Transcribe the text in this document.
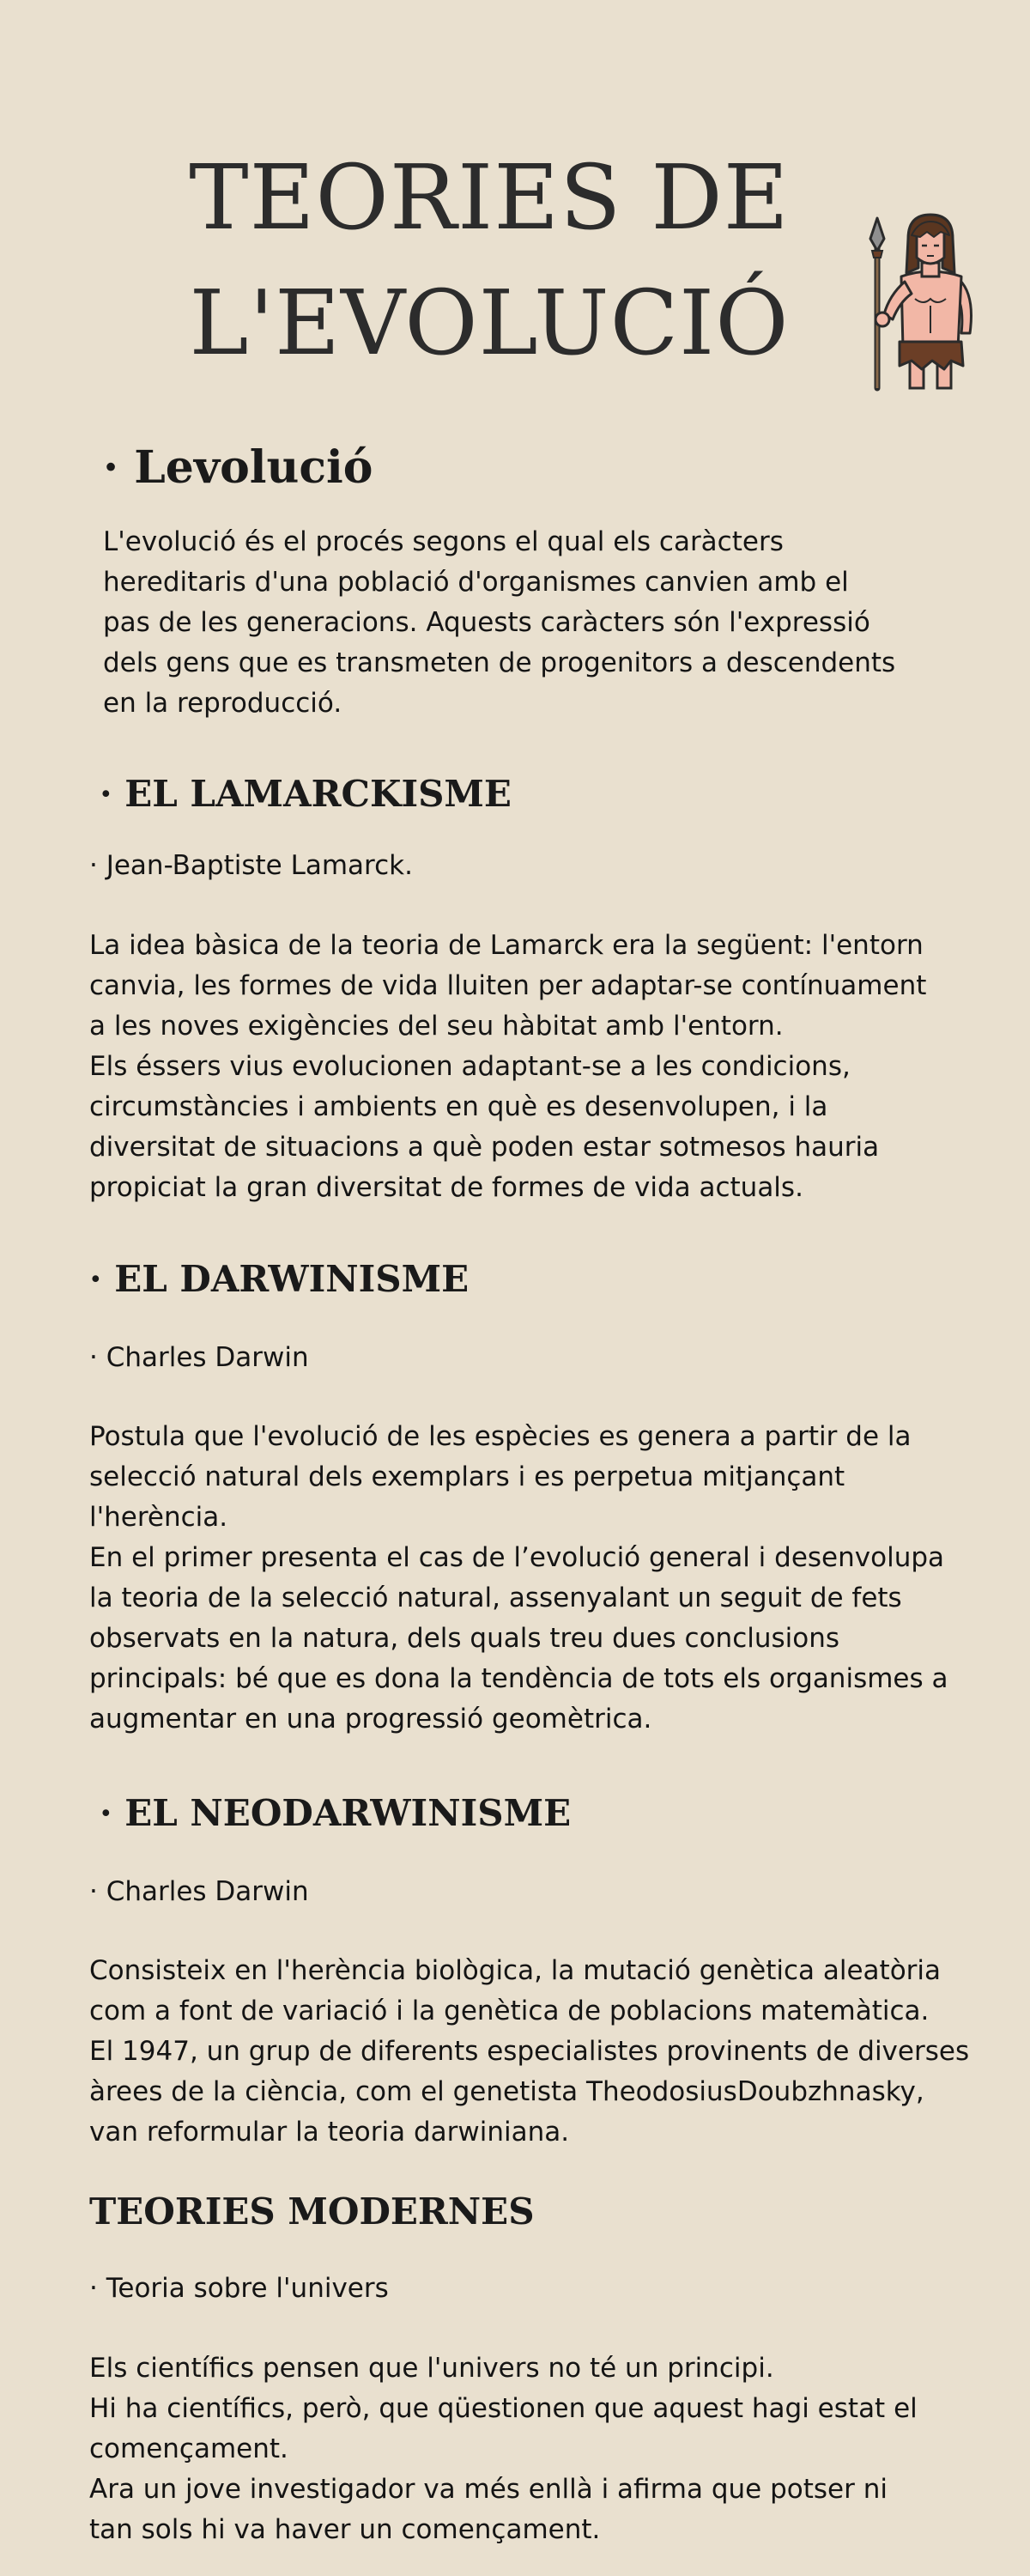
TEORIES DE
L'EVOLUCIÓ
· Levolució

L'evolució és el procés segons el qual els caràcters
hereditaris d'una població d'organismes canvien amb el
pas de les generacions. Aquests caràcters són l'expressió
dels gens que es transmeten de progenitors a descendents
en la reproducció.

· EL LAMARCKISME
· Jean-Baptiste Lamarck.

La idea bàsica de la teoria de Lamarck era la següent: l'entorn
canvia, les formes de vida lluiten per adaptar-se contínuament
a les noves exigències del seu hàbitat amb l'entorn.
Els éssers vius evolucionen adaptant-se a les condicions,
circumstàncies i ambients en què es desenvolupen, i la
diversitat de situacions a què poden estar sotmesos hauria
propiciat la gran diversitat de formes de vida actuals.

· EL DARWINISME
· Charles Darwin

Postula que l'evolució de les espècies es genera a partir de la
selecció natural dels exemplars i es perpetua mitjançant
l'herència.
En el primer presenta el cas de l’evolució general i desenvolupa
la teoria de la selecció natural, assenyalant un seguit de fets
observats en la natura, dels quals treu dues conclusions
principals: bé que es dona la tendència de tots els organismes a
augmentar en una progressió geomètrica.

· EL NEODARWINISME
· Charles Darwin

Consisteix en l'herència biològica, la mutació genètica aleatòria
com a font de variació i la genètica de poblacions matemàtica.
El 1947, un grup de diferents especialistes provinents de diverses
àrees de la ciència, com el genetista TheodosiusDoubzhnasky,
van reformular la teoria darwiniana.

TEORIES MODERNES
· Teoria sobre l'univers

Els científics pensen que l'univers no té un principi.
Hi ha científics, però, que qüestionen que aquest hagi estat el
començament.
Ara un jove investigador va més enllà i afirma que potser ni
tan sols hi va haver un començament.
